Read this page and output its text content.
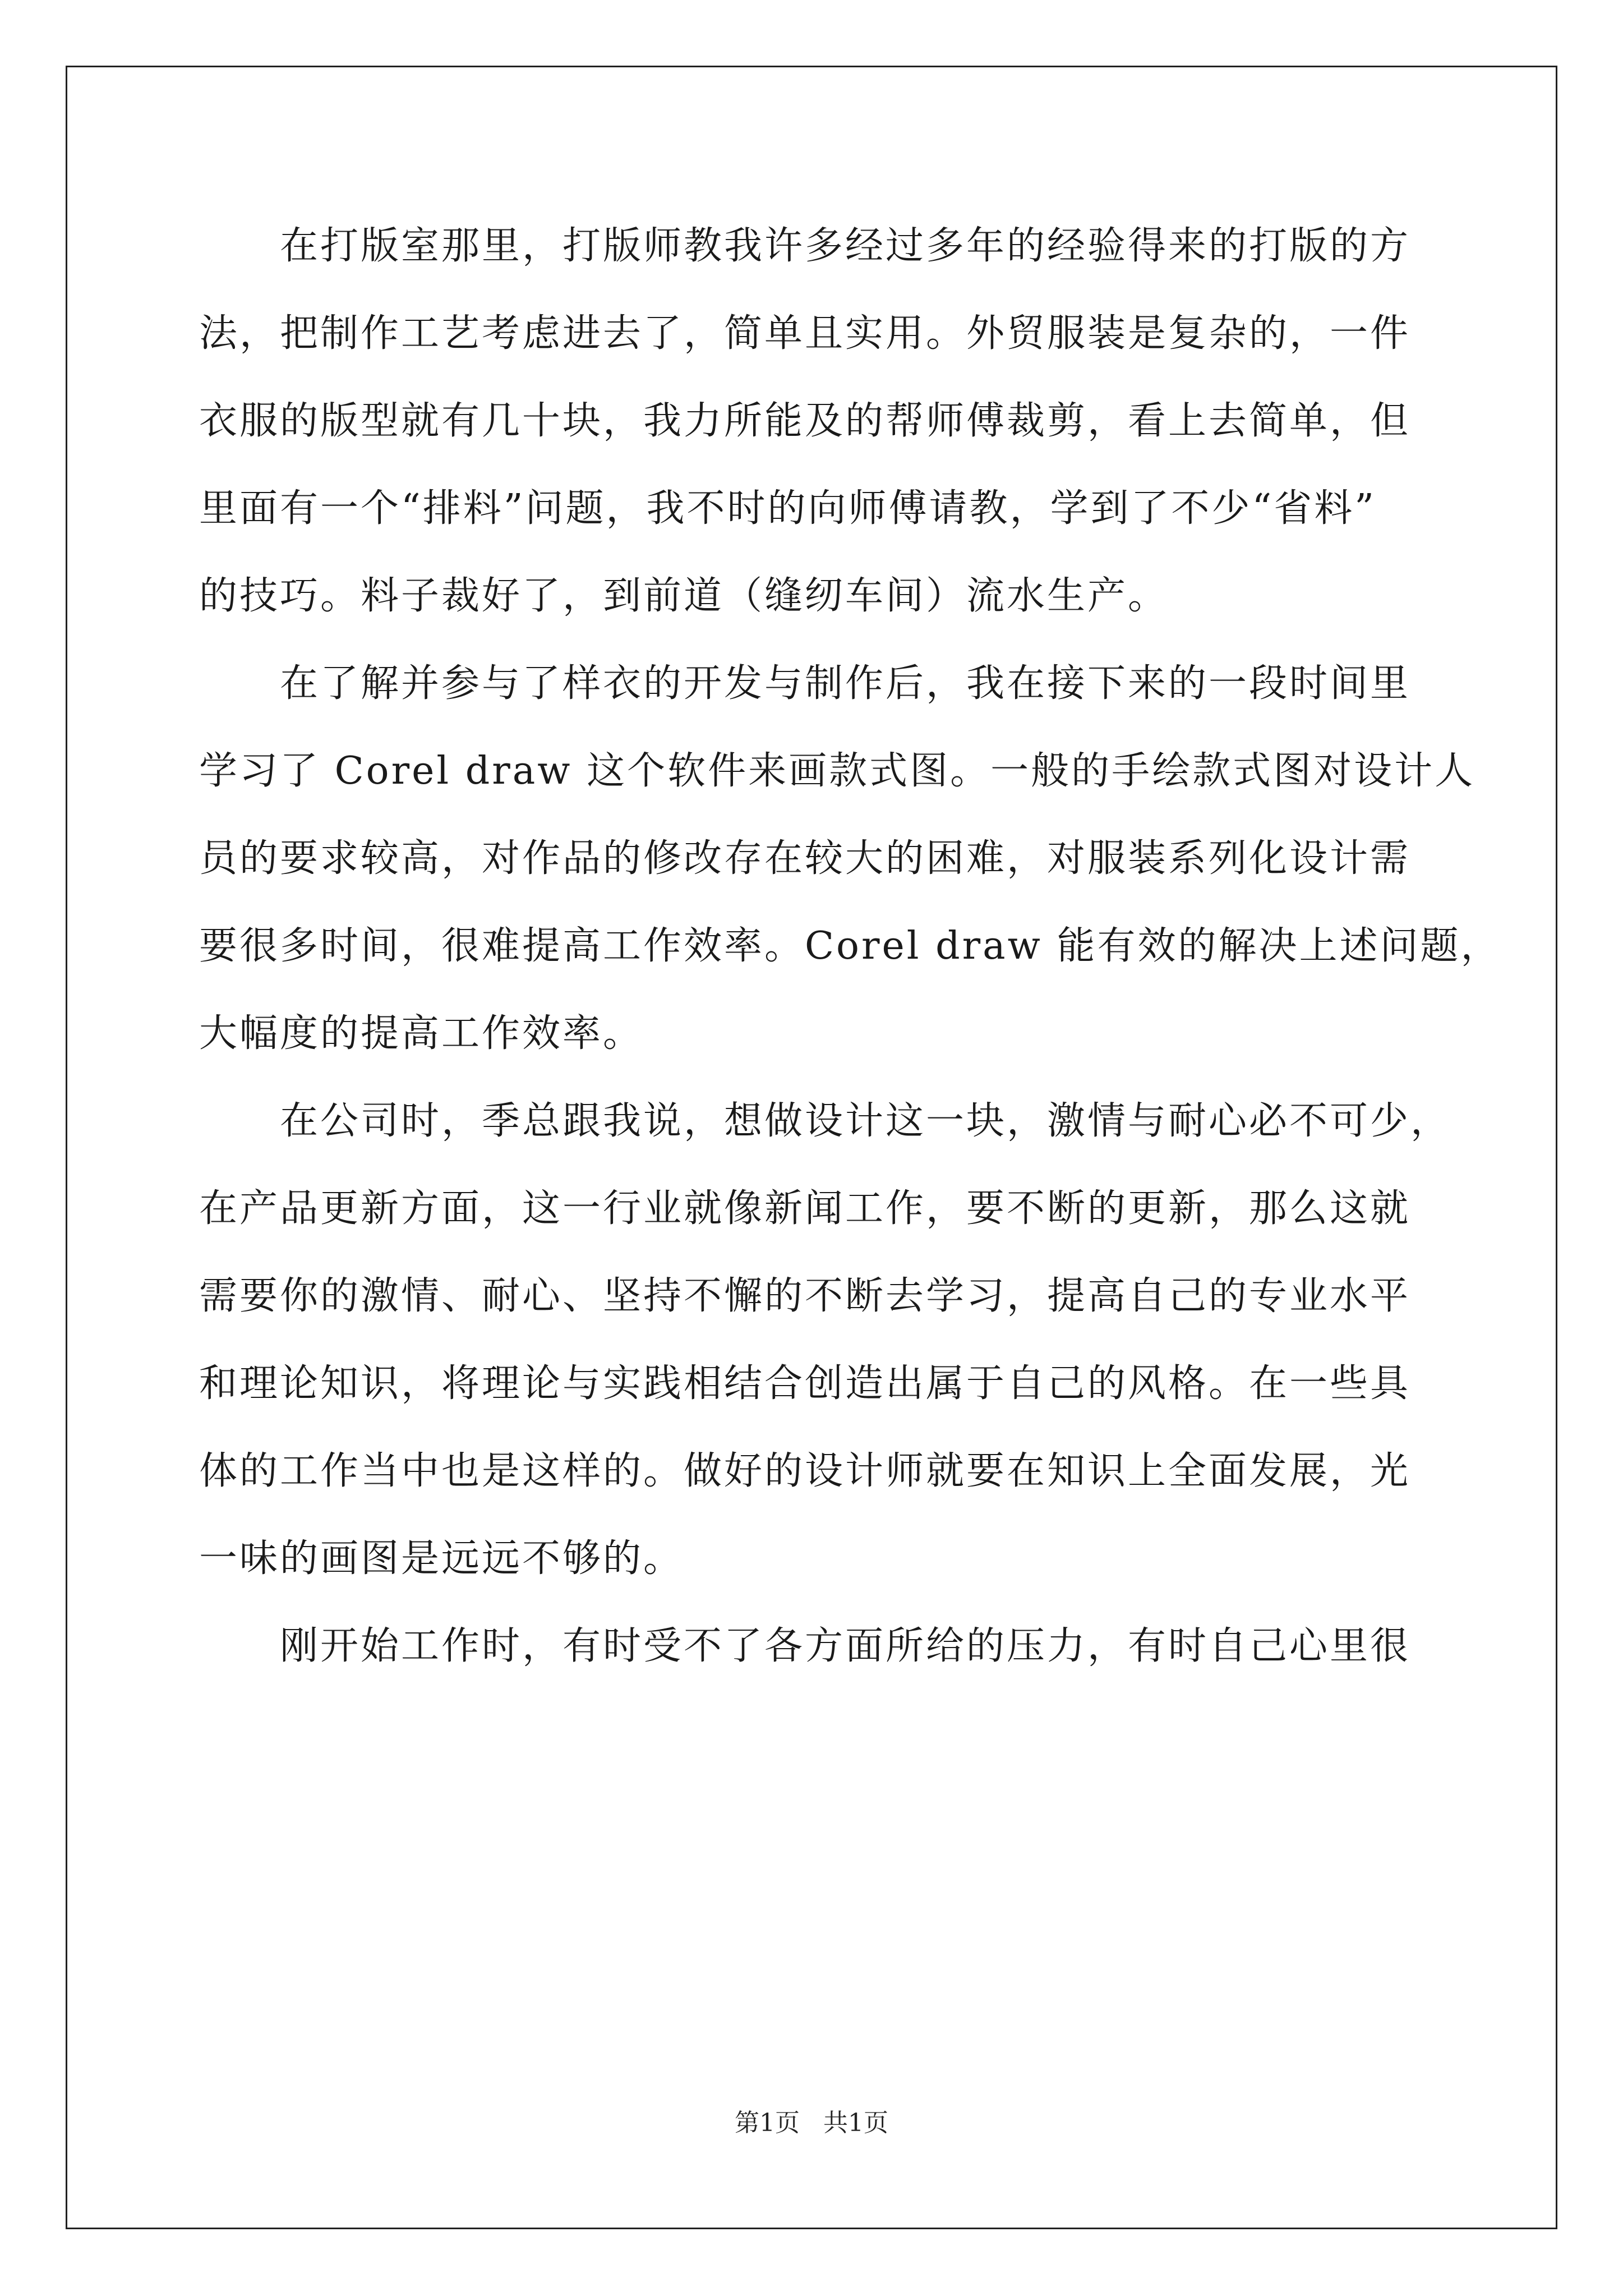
在打版室那里，打版师教我许多经过多年的经验得来的打版的方
法，把制作工艺考虑进去了，简单且实用。外贸服装是复杂的，一件
衣服的版型就有几十块，我力所能及的帮师傅裁剪，看上去简单，但
里面有一个“排料”问题，我不时的向师傅请教，学到了不少“省料”
的技巧。料子裁好了，到前道（缝纫车间）流水生产。
在了解并参与了样衣的开发与制作后，我在接下来的一段时间里
学习了 Corel draw 这个软件来画款式图。一般的手绘款式图对设计人
员的要求较高，对作品的修改存在较大的困难，对服装系列化设计需
要很多时间，很难提高工作效率。Corel draw 能有效的解决上述问题，
大幅度的提高工作效率。
在公司时，季总跟我说，想做设计这一块，激情与耐心必不可少，
在产品更新方面，这一行业就像新闻工作，要不断的更新，那么这就
需要你的激情、耐心、坚持不懈的不断去学习，提高自己的专业水平
和理论知识，将理论与实践相结合创造出属于自己的风格。在一些具
体的工作当中也是这样的。做好的设计师就要在知识上全面发展，光
一味的画图是远远不够的。
刚开始工作时，有时受不了各方面所给的压力，有时自己心里很
第1页   共1页
